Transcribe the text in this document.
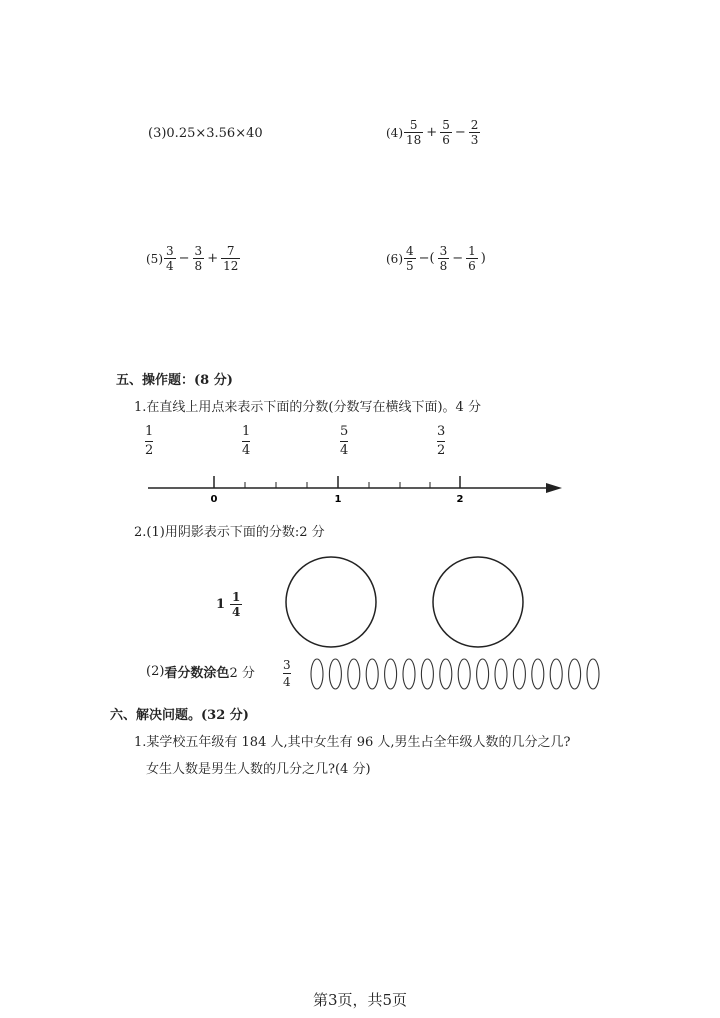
(3)0.25×3.56×40	$(4) \frac{5}{18} + \frac{5}{6} - \frac{2}{3}$
$(5) \frac{3}{4} - \frac{3}{8} + \frac{7}{12}$	$(6) \frac{4}{5}$ −( $\frac{3}{8} - \frac{1}{6}$ )
五、操作题：(8 分)
1.在直线上用点来表示下面的分数(分数写在横线下面)。4 分
$\frac{1}{2}$	$\frac{1}{4}$	$\frac{5}{4}$	$\frac{3}{2}$
0	1	2
2.(1)用阴影表示下面的分数:2 分
$1 \frac{1}{4}$
(2) 看分数涂色 2 分 $\frac{3}{4}$
六、解决问题。(32 分)
1.某学校五年级有 184 人,其中女生有 96 人,男生占全年级人数的几分之几?
女生人数是男生人数的几分之几?(4 分)
第3页，共5页
